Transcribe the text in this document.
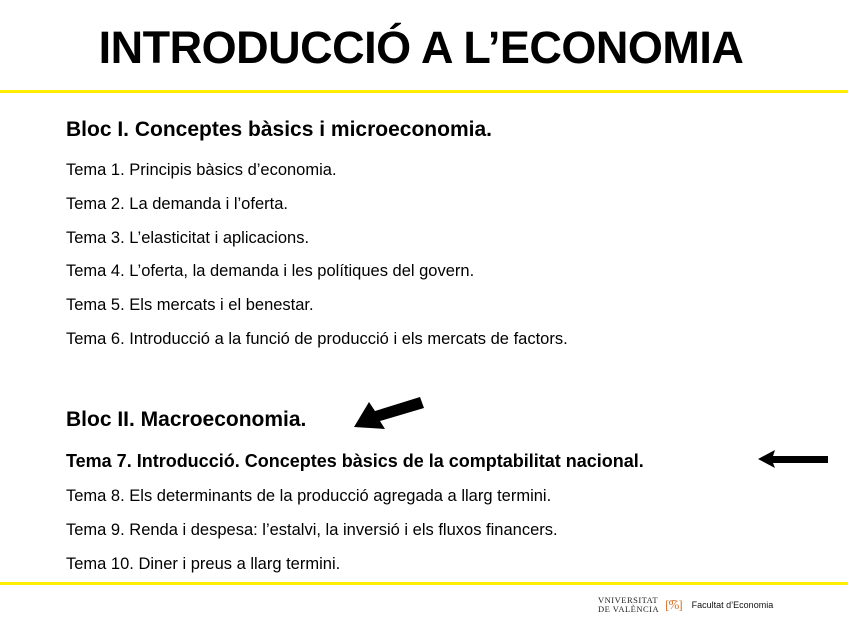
INTRODUCCIÓ A L’ECONOMIA
Bloc I. Conceptes bàsics i microeconomia.
Tema 1. Principis bàsics d’economia.
Tema 2. La demanda i l’oferta.
Tema 3. L’elasticitat i aplicacions.
Tema 4. L’oferta, la demanda i les polítiques del govern.
Tema 5. Els mercats i el benestar.
Tema 6. Introducció a la funció de producció i els mercats de factors.
Bloc II. Macroeconomia.
Tema 7. Introducció. Conceptes bàsics de la comptabilitat nacional.
Tema 8. Els determinants de la producció agregada a llarg termini.
Tema 9. Renda i despesa: l’estalvi, la inversió i els fluxos financers.
Tema 10. Diner i preus a llarg termini.
VNIVERSITAT
DE VALÈNCIA [͡%] Facultat d’Economia
